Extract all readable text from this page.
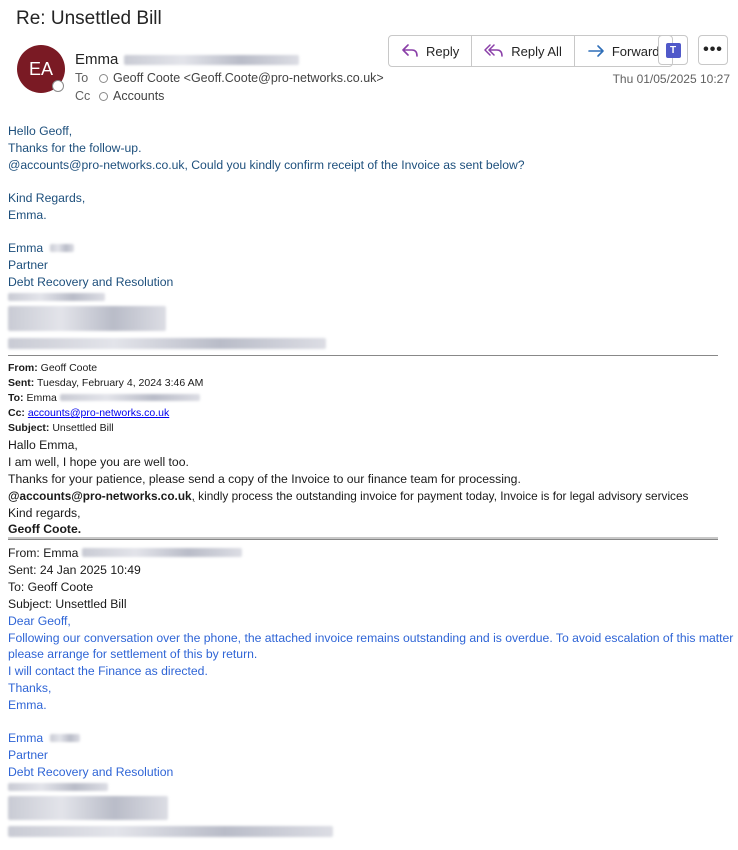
Re: Unsettled Bill
EA Emma
To	Geoff Coote <Geoff.Coote@pro-networks.co.uk>
Cc	Accounts
Reply	Reply All	Forward	T •••
Thu 01/05/2025 10:27
Hello Geoff,
Thanks for the follow-up.
@accounts@pro-networks.co.uk, Could you kindly confirm receipt of the Invoice as sent below?
Kind Regards,
Emma.
Emma
Partner
Debt Recovery and Resolution
From: Geoff Coote
Sent: Tuesday, February 4, 2024 3:46 AM
To: Emma
Cc: accounts@pro-networks.co.uk
Subject: Unsettled Bill
Hallo Emma,
I am well, I hope you are well too.
Thanks for your patience, please send a copy of the Invoice to our finance team for processing.
@accounts@pro-networks.co.uk, kindly process the outstanding invoice for payment today, Invoice is for legal advisory services
Kind regards,
Geoff Coote.
From: Emma
Sent: 24 Jan 2025 10:49
To: Geoff Coote
Subject: Unsettled Bill
Dear Geoff,
Following our conversation over the phone, the attached invoice remains outstanding and is overdue. To avoid escalation of this matter
please arrange for settlement of this by return.
I will contact the Finance as directed.
Thanks,
Emma.
Emma
Partner
Debt Recovery and Resolution
